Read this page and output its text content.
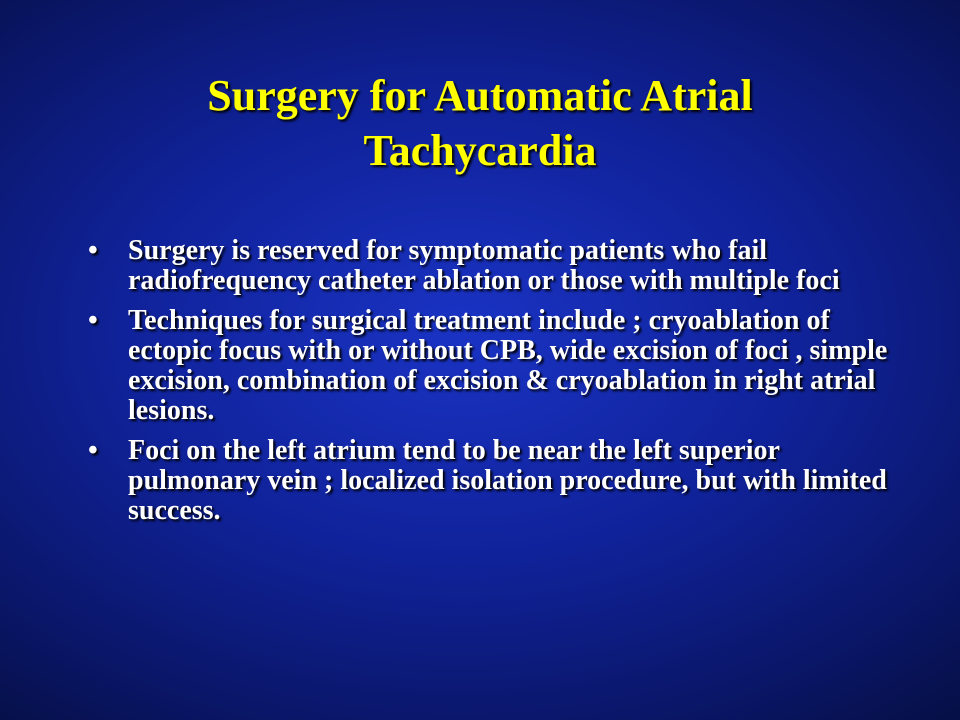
Surgery for Automatic Atrial
Tachycardia
•	Surgery is reserved for symptomatic patients who fail radiofrequency catheter ablation or those with multiple foci
•	Techniques for surgical treatment include ; cryoablation of ectopic focus with or without CPB, wide excision of foci , simple excision, combination of excision & cryoablation in right atrial lesions.
•	Foci on the left atrium tend to be near the left superior pulmonary vein ; localized isolation procedure, but with limited success.
